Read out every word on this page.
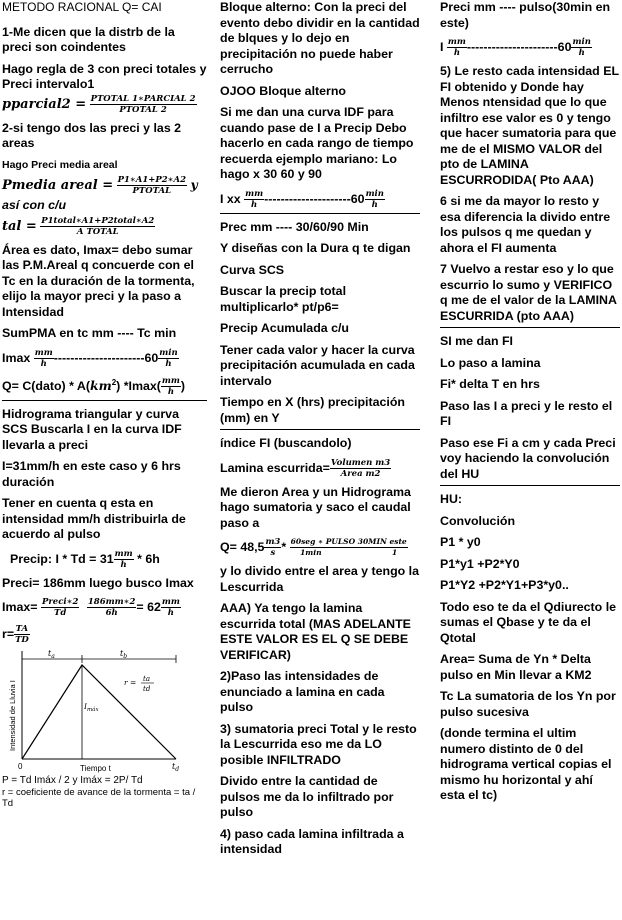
METODO RACIONAL Q= CAI

1-Me dicen que la distrb de la preci son coindentes

Hago regla de 3 con preci totales y Preci intervalo1

pparcial2 = $\frac{\text{PTOTAL 1∗PARCIAL 2}}{\text{PTOTAL 2}}$

2-si tengo dos las preci y las 2 areas

Hago Preci media areal

Pmedia areal = $\frac{P1∗A1+P2∗A2}{\text{PTOTAL}}$ y

así con c/u

tal = $\frac{\text{P1total∗A1+P2total∗A2}}{\text{A TOTAL}}$

Área es dato, Imax= debo sumar las P.M.Areal q concuerde con el Tc en la duración de la tormenta, elijo la mayor preci y la paso a Intensidad

SumPMA en tc mm ---- Tc min

Imax $\frac{mm}{h} ----------------------60 \frac{\min}{h}$
Q= C(dato) * $A(km^2)$ $*Imax( \frac{mm}{h}$ )

Hidrograma triangular y curva SCS Buscarla I en la curva IDF llevarla a preci

I=31mm/h en este caso y 6 hrs duración

Tener en cuenta q esta en intensidad mm/h distribuirla de acuerdo al pulso

Precip: $I * Td = 31 \frac{mm}{h} * 6h$

Preci= 186mm luego busco Imax

$Imax= \frac{\text{Preci∗2}}{Td}$
$\frac{186mm∗2}{6h} = 62 \frac{mm}{h}$
$r= \frac{TA}{TD}$
$t_a$	$t_b$
$I_{máx}$
r = ta
td
0	Tiempo t	$t_d$
Intensidad de Lluvia I

P = Td Imáx / 2 y Imáx = 2P/ Td

r = coeficiente de avance de la tormenta = ta / Td

Bloque alterno: Con la preci del evento debo dividir en la cantidad de blques y lo dejo en precipitación no puede haber cerrucho

OJOO Bloque alterno

Si me dan una curva IDF para cuando pase de I a Precip Debo hacerlo en cada rango de tiempo recuerda ejemplo mariano: Lo hago x 30 60 y 90

I xx $\frac{mm}{h} ---------------------60 \frac{\min}{h}$

Prec mm ---- 30/60/90 Min

Y diseñas con la Dura q te digan

Curva SCS

Buscar la precip total multiplicarlo* pt/p6=

Precip Acumulada c/u

Tener cada valor y hacer la curva precipitación acumulada en cada intervalo

Tiempo en X (hrs) precipitación (mm) en Y

índice FI (buscandolo)

Lamina escurrida= $\frac{\text{Volumen m3}}{\text{Area m2}}$

Me dieron Area y un Hidrograma hago sumatoria y saco el caudal paso a

$Q= 48,5 \frac{m3}{s} * \frac{\text{60seg ∗ PULSO 30MIN este}}{1\min 1}$

y lo divido entre el area y tengo la Lescurrida

AAA) Ya tengo la lamina escurrida total (MAS ADELANTE ESTE VALOR ES EL Q SE DEBE VERIFICAR)

2)Paso las intensidades de enunciado a lamina en cada pulso

3) sumatoria preci Total y le resto la Lescurrida eso me da LO posible INFILTRADO

Divido entre la cantidad de pulsos me da lo infiltrado por pulso

4) paso cada lamina infiltrada a intensidad

Preci mm ---- pulso(30min en este)

I $\frac{mm}{h} ----------------------60 \frac{\min}{h}$

5) Le resto cada intensidad EL FI obtenido y Donde hay Menos ntensidad que lo que infiltro ese valor es 0 y tengo que hacer sumatoria para que me de el MISMO VALOR del pto de LAMINA ESCURRODIDA( Pto AAA)

6 si me da mayor lo resto y esa diferencia la divido entre los pulsos q me quedan y ahora el FI aumenta

7 Vuelvo a restar eso y lo que escurrio lo sumo y VERIFICO q me de el valor de la LAMINA ESCURRIDA (pto AAA)

SI me dan FI

Lo paso a lamina

Fi* delta T en hrs

Paso las I a preci y le resto el FI

Paso ese Fi a cm y cada Preci voy haciendo la convolución del HU

HU:

Convolución

P1 * y0

P1*y1 +P2*Y0

P1*Y2 +P2*Y1+P3*y0..

Todo eso te da el Qdiurecto le sumas el Qbase y te da el Qtotal

Area= Suma de Yn * Delta pulso en Min llevar a KM2

Tc La sumatoria de los Yn por pulso sucesiva

(donde termina el ultim numero distinto de 0 del hidrograma vertical copias el mismo hu horizontal y ahí esta el tc)
